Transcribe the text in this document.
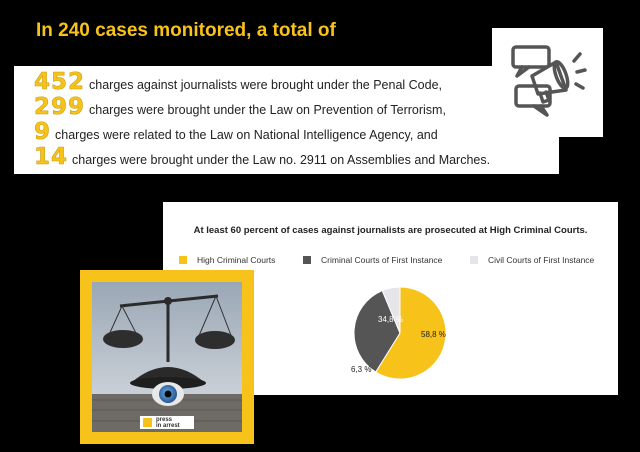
In 240 cases monitored, a total of
452 charges against journalists were brought under the Penal Code,
299 charges were brought under the Law on Prevention of Terrorism,
9 charges were related to the Law on National Intelligence Agency, and
14 charges were brought under the Law no. 2911 on Assemblies and Marches.
At least 60 percent of cases against journalists are prosecuted at High Criminal Courts.
High Criminal Courts	Criminal Courts of First Instance	Civil Courts of First Instance
58,8 %
34,8 %
6,3 %
press
in arrest
